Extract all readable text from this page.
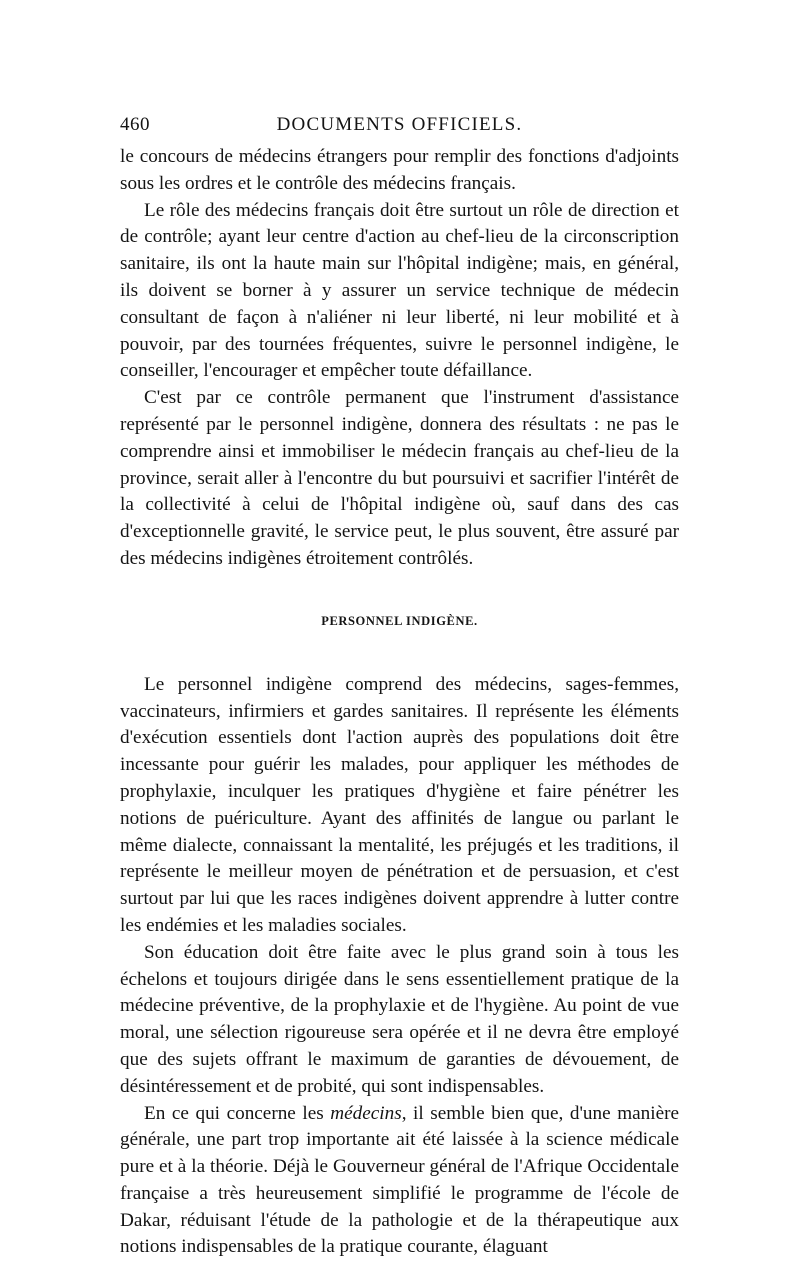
460	DOCUMENTS OFFICIELS.

le concours de médecins étrangers pour remplir des fonctions d'adjoints sous les ordres et le contrôle des médecins français.

Le rôle des médecins français doit être surtout un rôle de direction et de contrôle; ayant leur centre d'action au chef-lieu de la circonscription sanitaire, ils ont la haute main sur l'hôpital indigène; mais, en général, ils doivent se borner à y assurer un service technique de médecin consultant de façon à n'aliéner ni leur liberté, ni leur mobilité et à pouvoir, par des tournées fréquentes, suivre le personnel indigène, le conseiller, l'encourager et empêcher toute défaillance.

C'est par ce contrôle permanent que l'instrument d'assistance représenté par le personnel indigène, donnera des résultats : ne pas le comprendre ainsi et immobiliser le médecin français au chef-lieu de la province, serait aller à l'encontre du but poursuivi et sacrifier l'intérêt de la collectivité à celui de l'hôpital indigène où, sauf dans des cas d'exceptionnelle gravité, le service peut, le plus souvent, être assuré par des médecins indigènes étroitement contrôlés.

PERSONNEL INDIGÈNE.

Le personnel indigène comprend des médecins, sages-femmes, vaccinateurs, infirmiers et gardes sanitaires. Il représente les éléments d'exécution essentiels dont l'action auprès des populations doit être incessante pour guérir les malades, pour appliquer les méthodes de prophylaxie, inculquer les pratiques d'hygiène et faire pénétrer les notions de puériculture. Ayant des affinités de langue ou parlant le même dialecte, connaissant la mentalité, les préjugés et les traditions, il représente le meilleur moyen de pénétration et de persuasion, et c'est surtout par lui que les races indigènes doivent apprendre à lutter contre les endémies et les maladies sociales.

Son éducation doit être faite avec le plus grand soin à tous les échelons et toujours dirigée dans le sens essentiellement pratique de la médecine préventive, de la prophylaxie et de l'hygiène. Au point de vue moral, une sélection rigoureuse sera opérée et il ne devra être employé que des sujets offrant le maximum de garanties de dévouement, de désintéressement et de probité, qui sont indispensables.

En ce qui concerne les médecins, il semble bien que, d'une manière générale, une part trop importante ait été laissée à la science médicale pure et à la théorie. Déjà le Gouverneur général de l'Afrique Occidentale française a très heureusement simplifié le programme de l'école de Dakar, réduisant l'étude de la pathologie et de la thérapeutique aux notions indispensables de la pratique courante, élaguant
